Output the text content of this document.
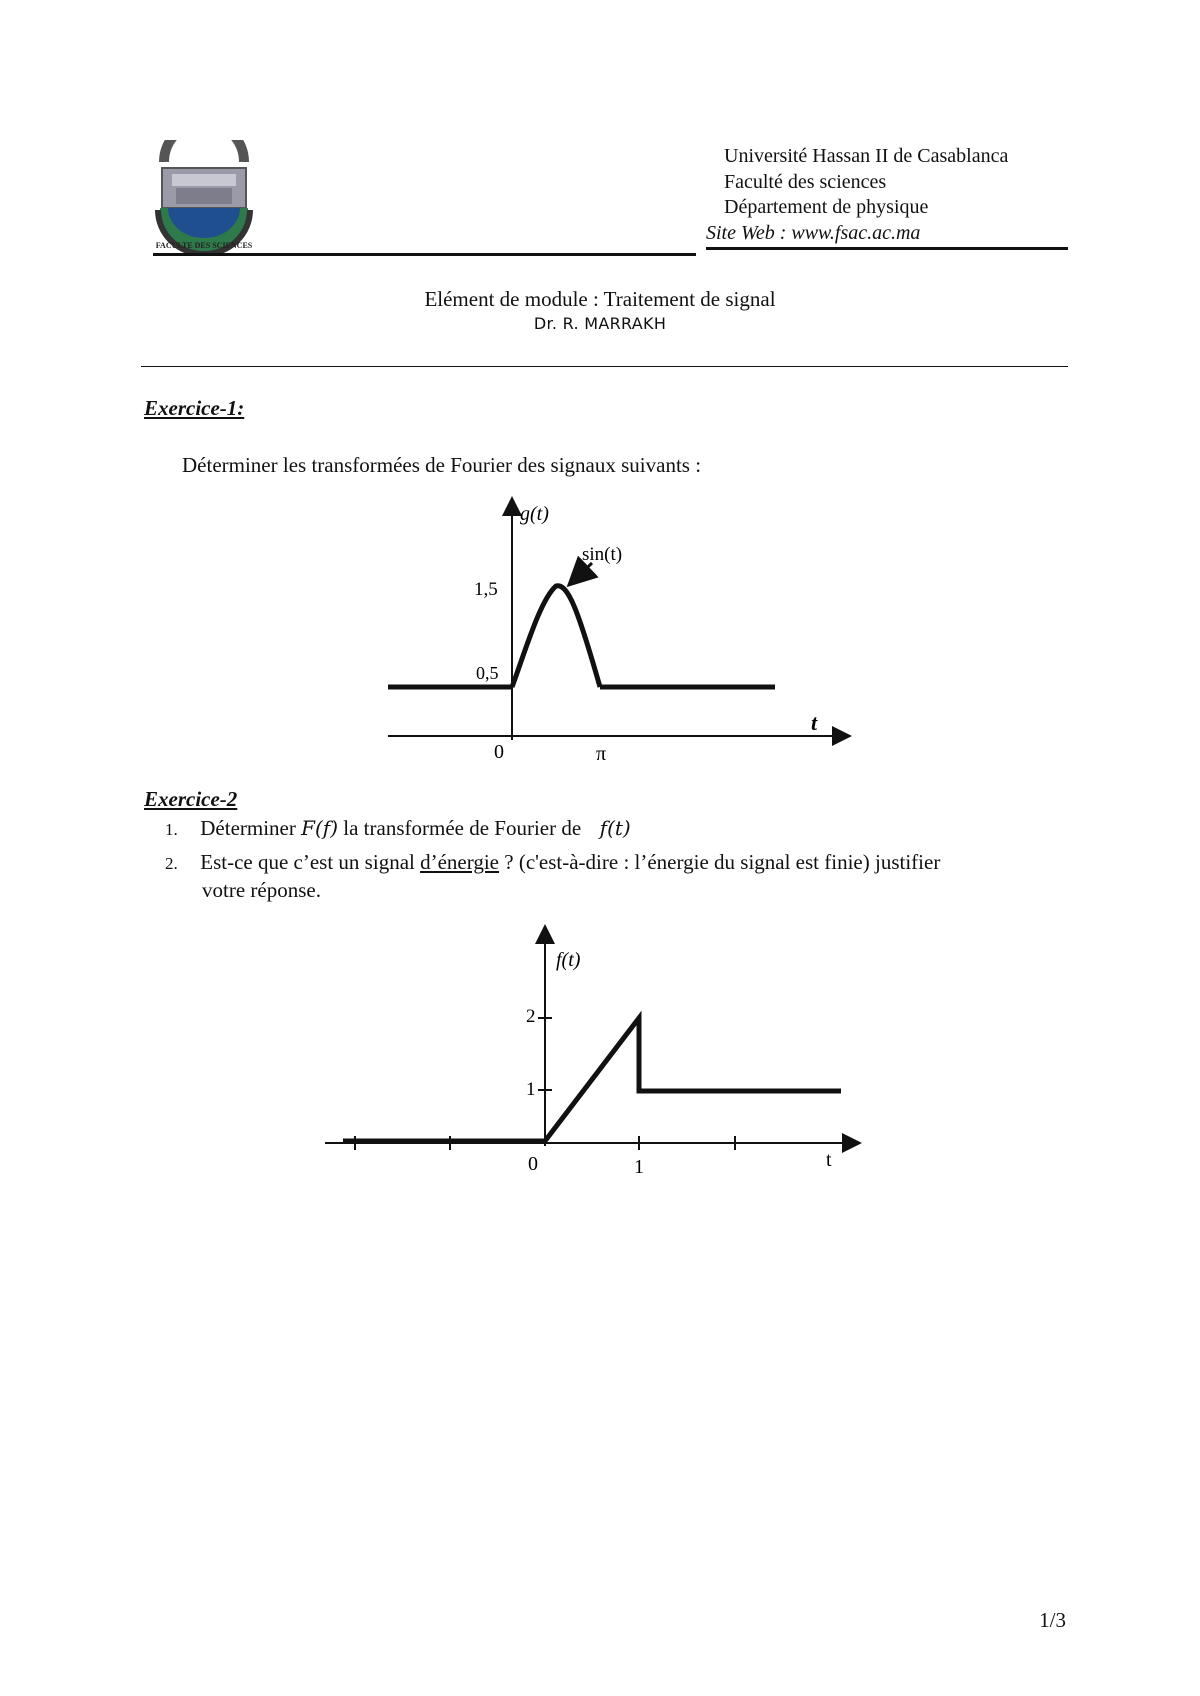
FACULTE DES SCIENCES
Université Hassan II de Casablanca
Faculté des sciences
Département de physique
Site Web : www.fsac.ac.ma
Elément de module : Traitement de signal
Dr. R. MARRAKH
Exercice-1:
Déterminer les transformées de Fourier des signaux suivants :
g(t)
sin(t)
1,5
0,5
0	π
t
Exercice-2
1. Déterminer F(f) la transformée de Fourier de f(t)
2. Est-ce que c’est un signal d’énergie ? (c'est-à-dire : l’énergie du signal est finie) justifier
votre réponse.
f(t)
2
1
0	1	t
1/3
